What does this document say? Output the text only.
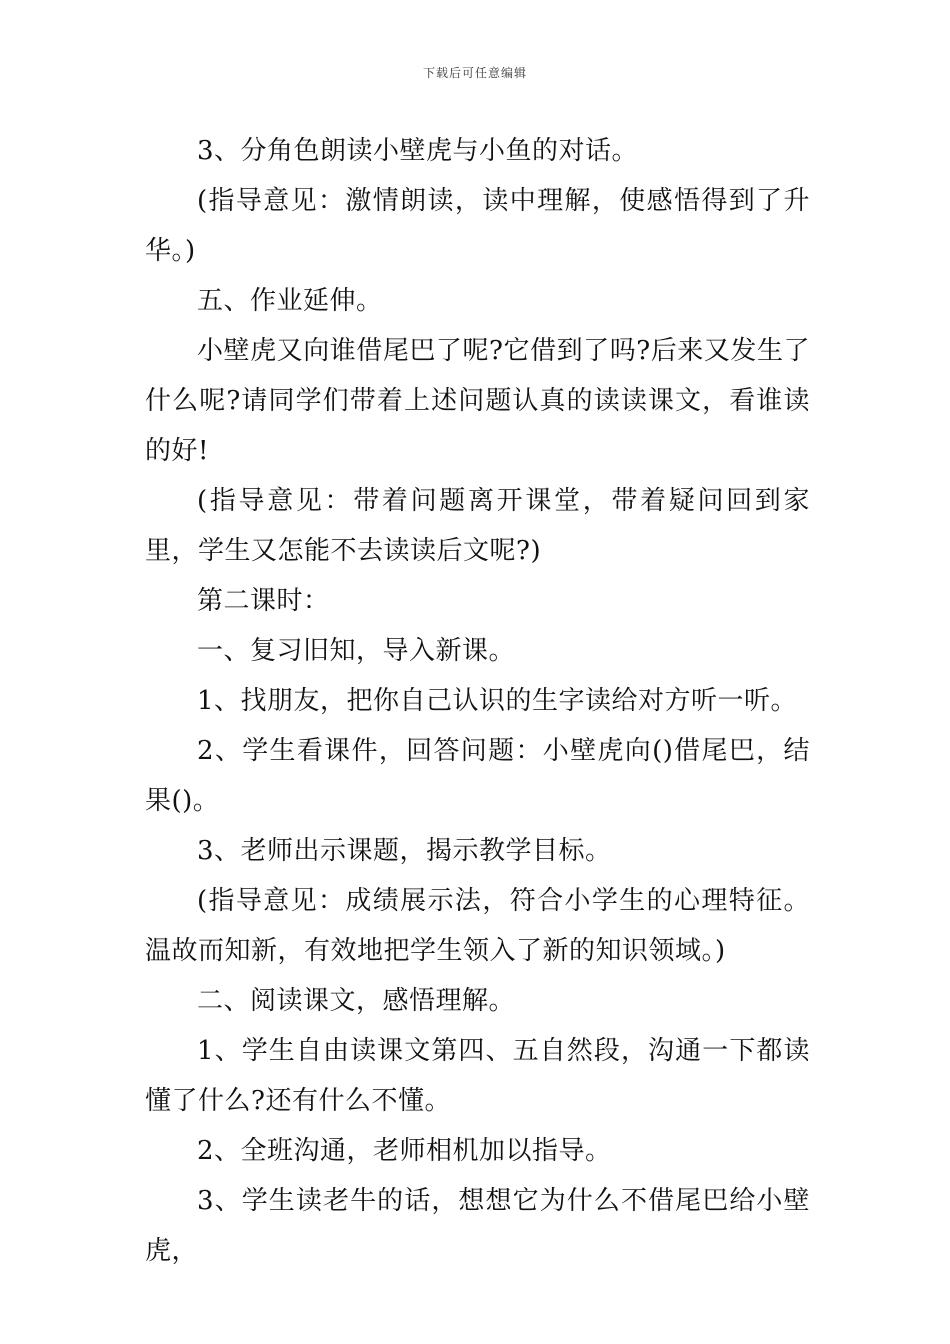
下载后可任意编辑

3、分角色朗读小壁虎与小鱼的对话。

(指导意见：激情朗读，读中理解，使感悟得到了升华。)

五、作业延伸。

小壁虎又向谁借尾巴了呢?它借到了吗?后来又发生了什么呢?请同学们带着上述问题认真的读读课文，看谁读的好!

(指导意见：带着问题离开课堂，带着疑问回到家里，学生又怎能不去读读后文呢?)

第二课时：

一、复习旧知，导入新课。

1、找朋友，把你自己认识的生字读给对方听一听。

2、学生看课件，回答问题：小壁虎向()借尾巴，结果()。

3、老师出示课题，揭示教学目标。

(指导意见：成绩展示法，符合小学生的心理特征。温故而知新，有效地把学生领入了新的知识领域。)

二、阅读课文，感悟理解。

1、学生自由读课文第四、五自然段，沟通一下都读懂了什么?还有什么不懂。

2、全班沟通，老师相机加以指导。

3、学生读老牛的话，想想它为什么不借尾巴给小壁虎，
